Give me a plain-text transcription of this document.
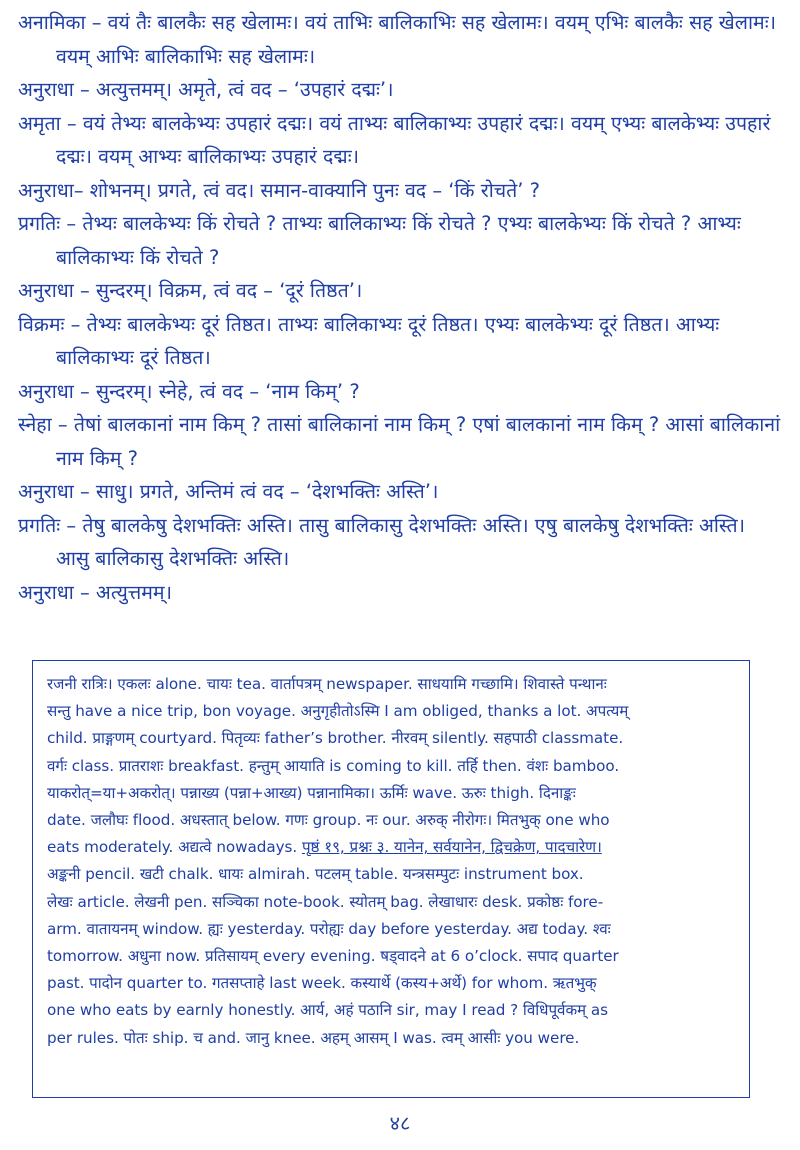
अनामिका – वयं तैः बालकैः सह खेलामः। वयं ताभिः बालिकाभिः सह खेलामः। वयम् एभिः बालकैः सह खेलामः। वयम् आभिः बालिकाभिः सह खेलामः।
अनुराधा – अत्युत्तमम्। अमृते, त्वं वद – ‘उपहारं दद्मः’।
अमृता – वयं तेभ्यः बालकेभ्यः उपहारं दद्मः। वयं ताभ्यः बालिकाभ्यः उपहारं दद्मः। वयम् एभ्यः बालकेभ्यः उपहारं दद्मः। वयम् आभ्यः बालिकाभ्यः उपहारं दद्मः।
अनुराधा– शोभनम्। प्रगते, त्वं वद। समान-वाक्यानि पुनः वद – ‘किं रोचते’ ?
प्रगतिः – तेभ्यः बालकेभ्यः किं रोचते ? ताभ्यः बालिकाभ्यः किं रोचते ? एभ्यः बालकेभ्यः किं रोचते ? आभ्यः बालिकाभ्यः किं रोचते ?
अनुराधा – सुन्दरम्। विक्रम, त्वं वद – ‘दूरं तिष्ठत’।
विक्रमः – तेभ्यः बालकेभ्यः दूरं तिष्ठत। ताभ्यः बालिकाभ्यः दूरं तिष्ठत। एभ्यः बालकेभ्यः दूरं तिष्ठत। आभ्यः बालिकाभ्यः दूरं तिष्ठत।
अनुराधा – सुन्दरम्। स्नेहे, त्वं वद – ‘नाम किम्’ ?
स्नेहा – तेषां बालकानां नाम किम् ? तासां बालिकानां नाम किम् ? एषां बालकानां नाम किम् ? आसां बालिकानां नाम किम् ?
अनुराधा – साधु। प्रगते, अन्तिमं त्वं वद – ‘देशभक्तिः अस्ति’।
प्रगतिः – तेषु बालकेषु देशभक्तिः अस्ति। तासु बालिकासु देशभक्तिः अस्ति। एषु बालकेषु देशभक्तिः अस्ति। आसु बालिकासु देशभक्तिः अस्ति।
अनुराधा – अत्युत्तमम्।
रजनी रात्रिः। एकलः alone. चायः tea. वार्तापत्रम् newspaper. साधयामि गच्छामि। शिवास्ते पन्थानः
सन्तु have a nice trip, bon voyage. अनुगृहीतोऽस्मि I am obliged, thanks a lot. अपत्यम्
child. प्राङ्गणम् courtyard. पितृव्यः father’s brother. नीरवम् silently. सहपाठी classmate.
वर्गः class. प्रातराशः breakfast. हन्तुम् आयाति is coming to kill. तर्हि then. वंशः bamboo.
याकरोत्=या+अकरोत्। पन्नाख्य (पन्ना+आख्य) पन्नानामिका। ऊर्मिः wave. ऊरुः thigh. दिनाङ्कः
date. जलौघः flood. अधस्तात् below. गणः group. नः our. अरुक् नीरोगः। मितभुक् one who
eats moderately. अद्यत्वे nowadays. पृष्ठं १९, प्रश्नः ३. यानेन, सर्वयानेन, द्विचक्रेण, पादचारेण।
अङ्कनी pencil. खटी chalk. धायः almirah. पटलम् table. यन्त्रसम्पुटः instrument box.
लेखः article. लेखनी pen. सञ्चिका note-book. स्योतम् bag. लेखाधारः desk. प्रकोष्ठः fore-
arm. वातायनम् window. ह्यः yesterday. परोह्यः day before yesterday. अद्य today. श्वः
tomorrow. अधुना now. प्रतिसायम् every evening. षड्वादने at 6 o’clock. सपाद quarter
past. पादोन quarter to. गतसप्ताहे last week. कस्यार्थे (कस्य+अर्थे) for whom. ऋतभुक्
one who eats by earnly honestly. आर्य, अहं पठानि sir, may I read ? विधिपूर्वकम् as
per rules. पोतः ship. च and. जानु knee. अहम् आसम् I was. त्वम् आसीः you were.
४८
